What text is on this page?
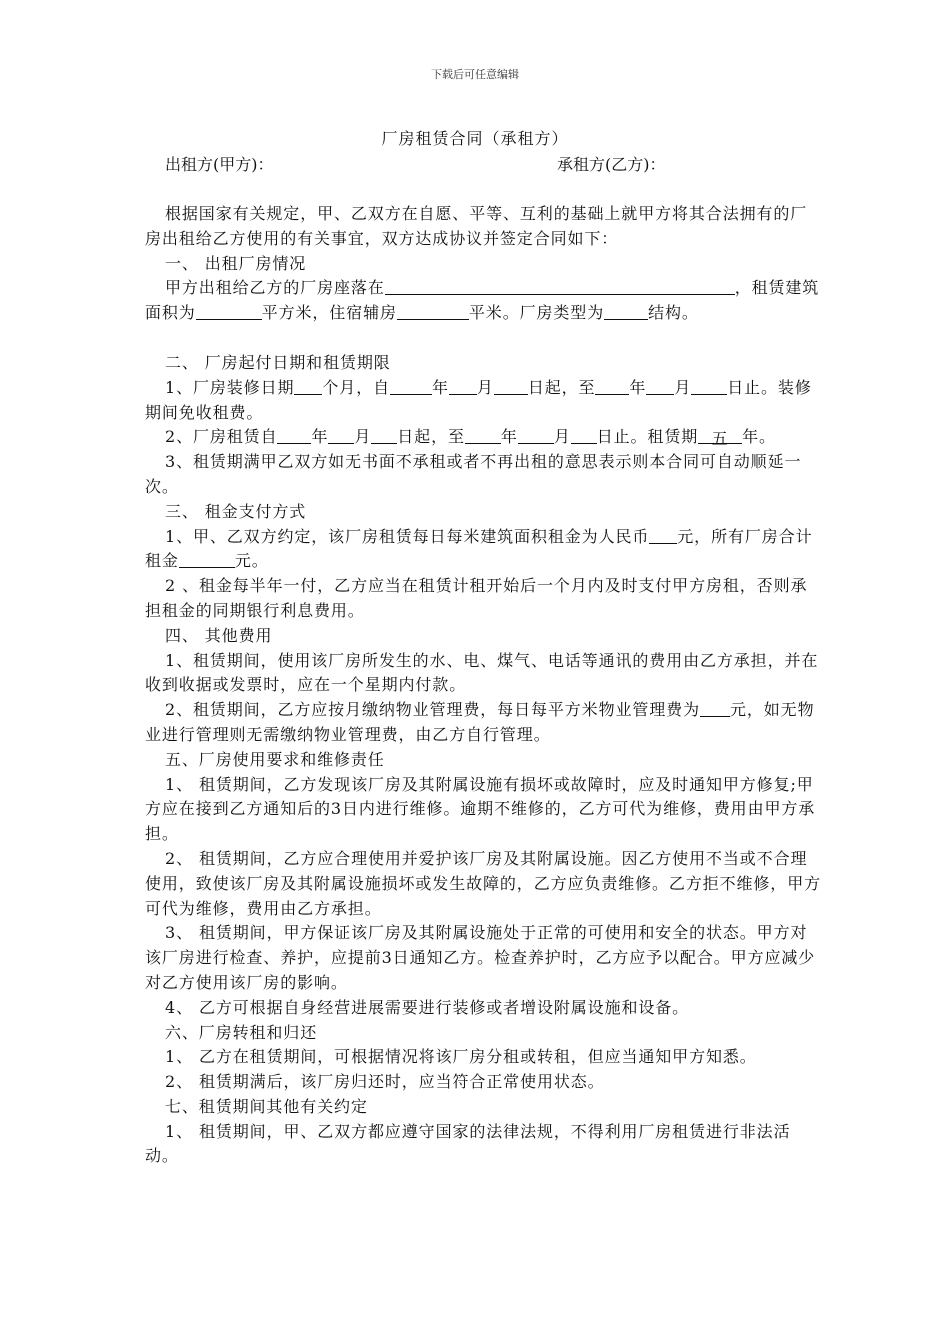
下载后可任意编辑
厂房租赁合同（承租方）
出租方(甲方)：	承租方(乙方)：

根据国家有关规定，甲、乙双方在自愿、平等、互利的基础上就甲方将其合法拥有的厂房出租给乙方使用的有关事宜，双方达成协议并签定合同如下：

一、 出租厂房情况

甲方出租给乙方的厂房座落在	，租赁建筑面积为	平方米，住宿辅房	平米。厂房类型为	结构。

二、 厂房起付日期和租赁期限

1、厂房装修日期 个月，自	年 月 日起，至 年 月 日止。装修期间免收租费。

2、厂房租赁自 年 月 日起，至 年 月 日止。租赁期 五 年。

3、租赁期满甲乙双方如无书面不承租或者不再出租的意思表示则本合同可自动顺延一次。

三、 租金支付方式

1、甲、乙双方约定，该厂房租赁每日每米建筑面积租金为人民币 元，所有厂房合计租金	元。

2 、租金每半年一付，乙方应当在租赁计租开始后一个月内及时支付甲方房租，否则承担租金的同期银行利息费用。

四、 其他费用

1、租赁期间，使用该厂房所发生的水、电、煤气、电话等通讯的费用由乙方承担，并在收到收据或发票时，应在一个星期内付款。

2、租赁期间，乙方应按月缴纳物业管理费，每日每平方米物业管理费为 元，如无物业进行管理则无需缴纳物业管理费，由乙方自行管理。

五、厂房使用要求和维修责任

1、 租赁期间，乙方发现该厂房及其附属设施有损坏或故障时，应及时通知甲方修复;甲方应在接到乙方通知后的3日内进行维修。逾期不维修的，乙方可代为维修，费用由甲方承担。

2、 租赁期间，乙方应合理使用并爱护该厂房及其附属设施。因乙方使用不当或不合理使用，致使该厂房及其附属设施损坏或发生故障的，乙方应负责维修。乙方拒不维修，甲方可代为维修，费用由乙方承担。

3、 租赁期间，甲方保证该厂房及其附属设施处于正常的可使用和安全的状态。甲方对该厂房进行检查、养护，应提前3日通知乙方。检查养护时，乙方应予以配合。甲方应减少对乙方使用该厂房的影响。

4、 乙方可根据自身经营进展需要进行装修或者增设附属设施和设备。

六、厂房转租和归还

1、 乙方在租赁期间，可根据情况将该厂房分租或转租，但应当通知甲方知悉。

2、 租赁期满后，该厂房归还时，应当符合正常使用状态。

七、租赁期间其他有关约定

1、 租赁期间，甲、乙双方都应遵守国家的法律法规，不得利用厂房租赁进行非法活动。
